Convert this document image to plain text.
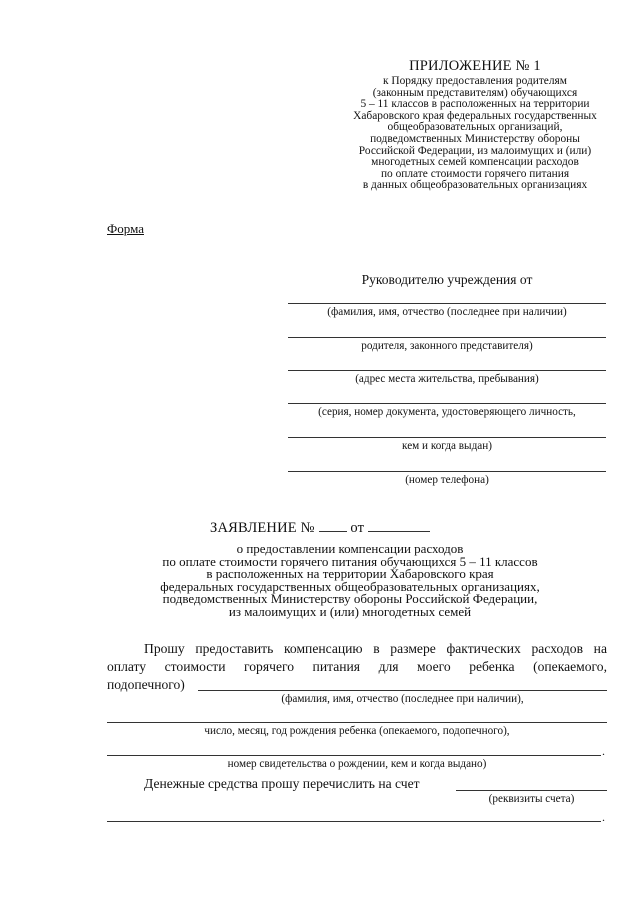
ПРИЛОЖЕНИЕ № 1
к Порядку предоставления родителям
(законным представителям) обучающихся
5 – 11 классов в расположенных на территории
Хабаровского края федеральных государственных
общеобразовательных организаций,
подведомственных Министерству обороны
Российской Федерации, из малоимущих и (или)
многодетных семей компенсации расходов
по оплате стоимости горячего питания
в данных общеобразовательных организациях
Форма
Руководителю учреждения от
(фамилия, имя, отчество (последнее при наличии)
родителя, законного представителя)
(адрес места жительства, пребывания)
(серия, номер документа, удостоверяющего личность,
кем и когда выдан)
(номер телефона)
ЗАЯВЛЕНИЕ № от
о предоставлении компенсации расходов
по оплате стоимости горячего питания обучающихся 5 – 11 классов
в расположенных на территории Хабаровского края
федеральных государственных общеобразовательных организациях,
подведомственных Министерству обороны Российской Федерации,
из малоимущих и (или) многодетных семей
Прошу предоставить компенсацию в размере фактических расходов на
оплату стоимости горячего питания для моего ребенка (опекаемого,
подопечного)
(фамилия, имя, отчество (последнее при наличии),
число, месяц, год рождения ребенка (опекаемого, подопечного),
.
номер свидетельства о рождении, кем и когда выдано)
Денежные средства прошу перечислить на счет
(реквизиты счета)
.
